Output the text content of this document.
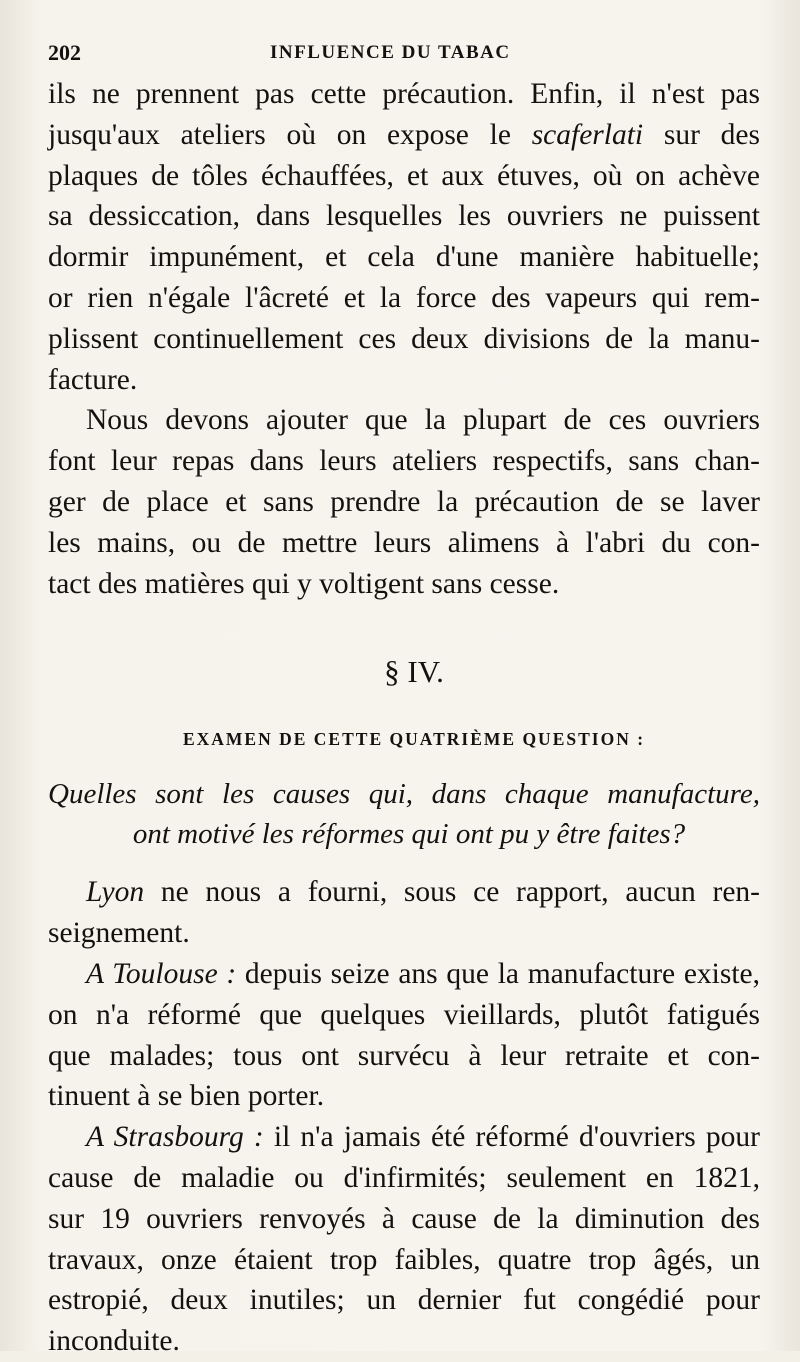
202	INFLUENCE DU TABAC
ils ne prennent pas cette précaution. Enfin, il n'est pas
jusqu'aux ateliers où on expose le scaferlati sur des
plaques de tôles échauffées, et aux étuves, où on achève
sa dessiccation, dans lesquelles les ouvriers ne puissent
dormir impunément, et cela d'une manière habituelle;
or rien n'égale l'âcreté et la force des vapeurs qui rem-
plissent continuellement ces deux divisions de la manu-
facture.
Nous devons ajouter que la plupart de ces ouvriers
font leur repas dans leurs ateliers respectifs, sans chan-
ger de place et sans prendre la précaution de se laver
les mains, ou de mettre leurs alimens à l'abri du con-
tact des matières qui y voltigent sans cesse.
§ IV.
EXAMEN DE CETTE QUATRIÈME QUESTION :
Quelles sont les causes qui, dans chaque manufacture,
ont motivé les réformes qui ont pu y être faites?
Lyon ne nous a fourni, sous ce rapport, aucun ren-
seignement.
A Toulouse : depuis seize ans que la manufacture existe,
on n'a réformé que quelques vieillards, plutôt fatigués
que malades; tous ont survécu à leur retraite et con-
tinuent à se bien porter.
A Strasbourg : il n'a jamais été réformé d'ouvriers pour
cause de maladie ou d'infirmités; seulement en 1821,
sur 19 ouvriers renvoyés à cause de la diminution des
travaux, onze étaient trop faibles, quatre trop âgés, un
estropié, deux inutiles; un dernier fut congédié pour
inconduite.
